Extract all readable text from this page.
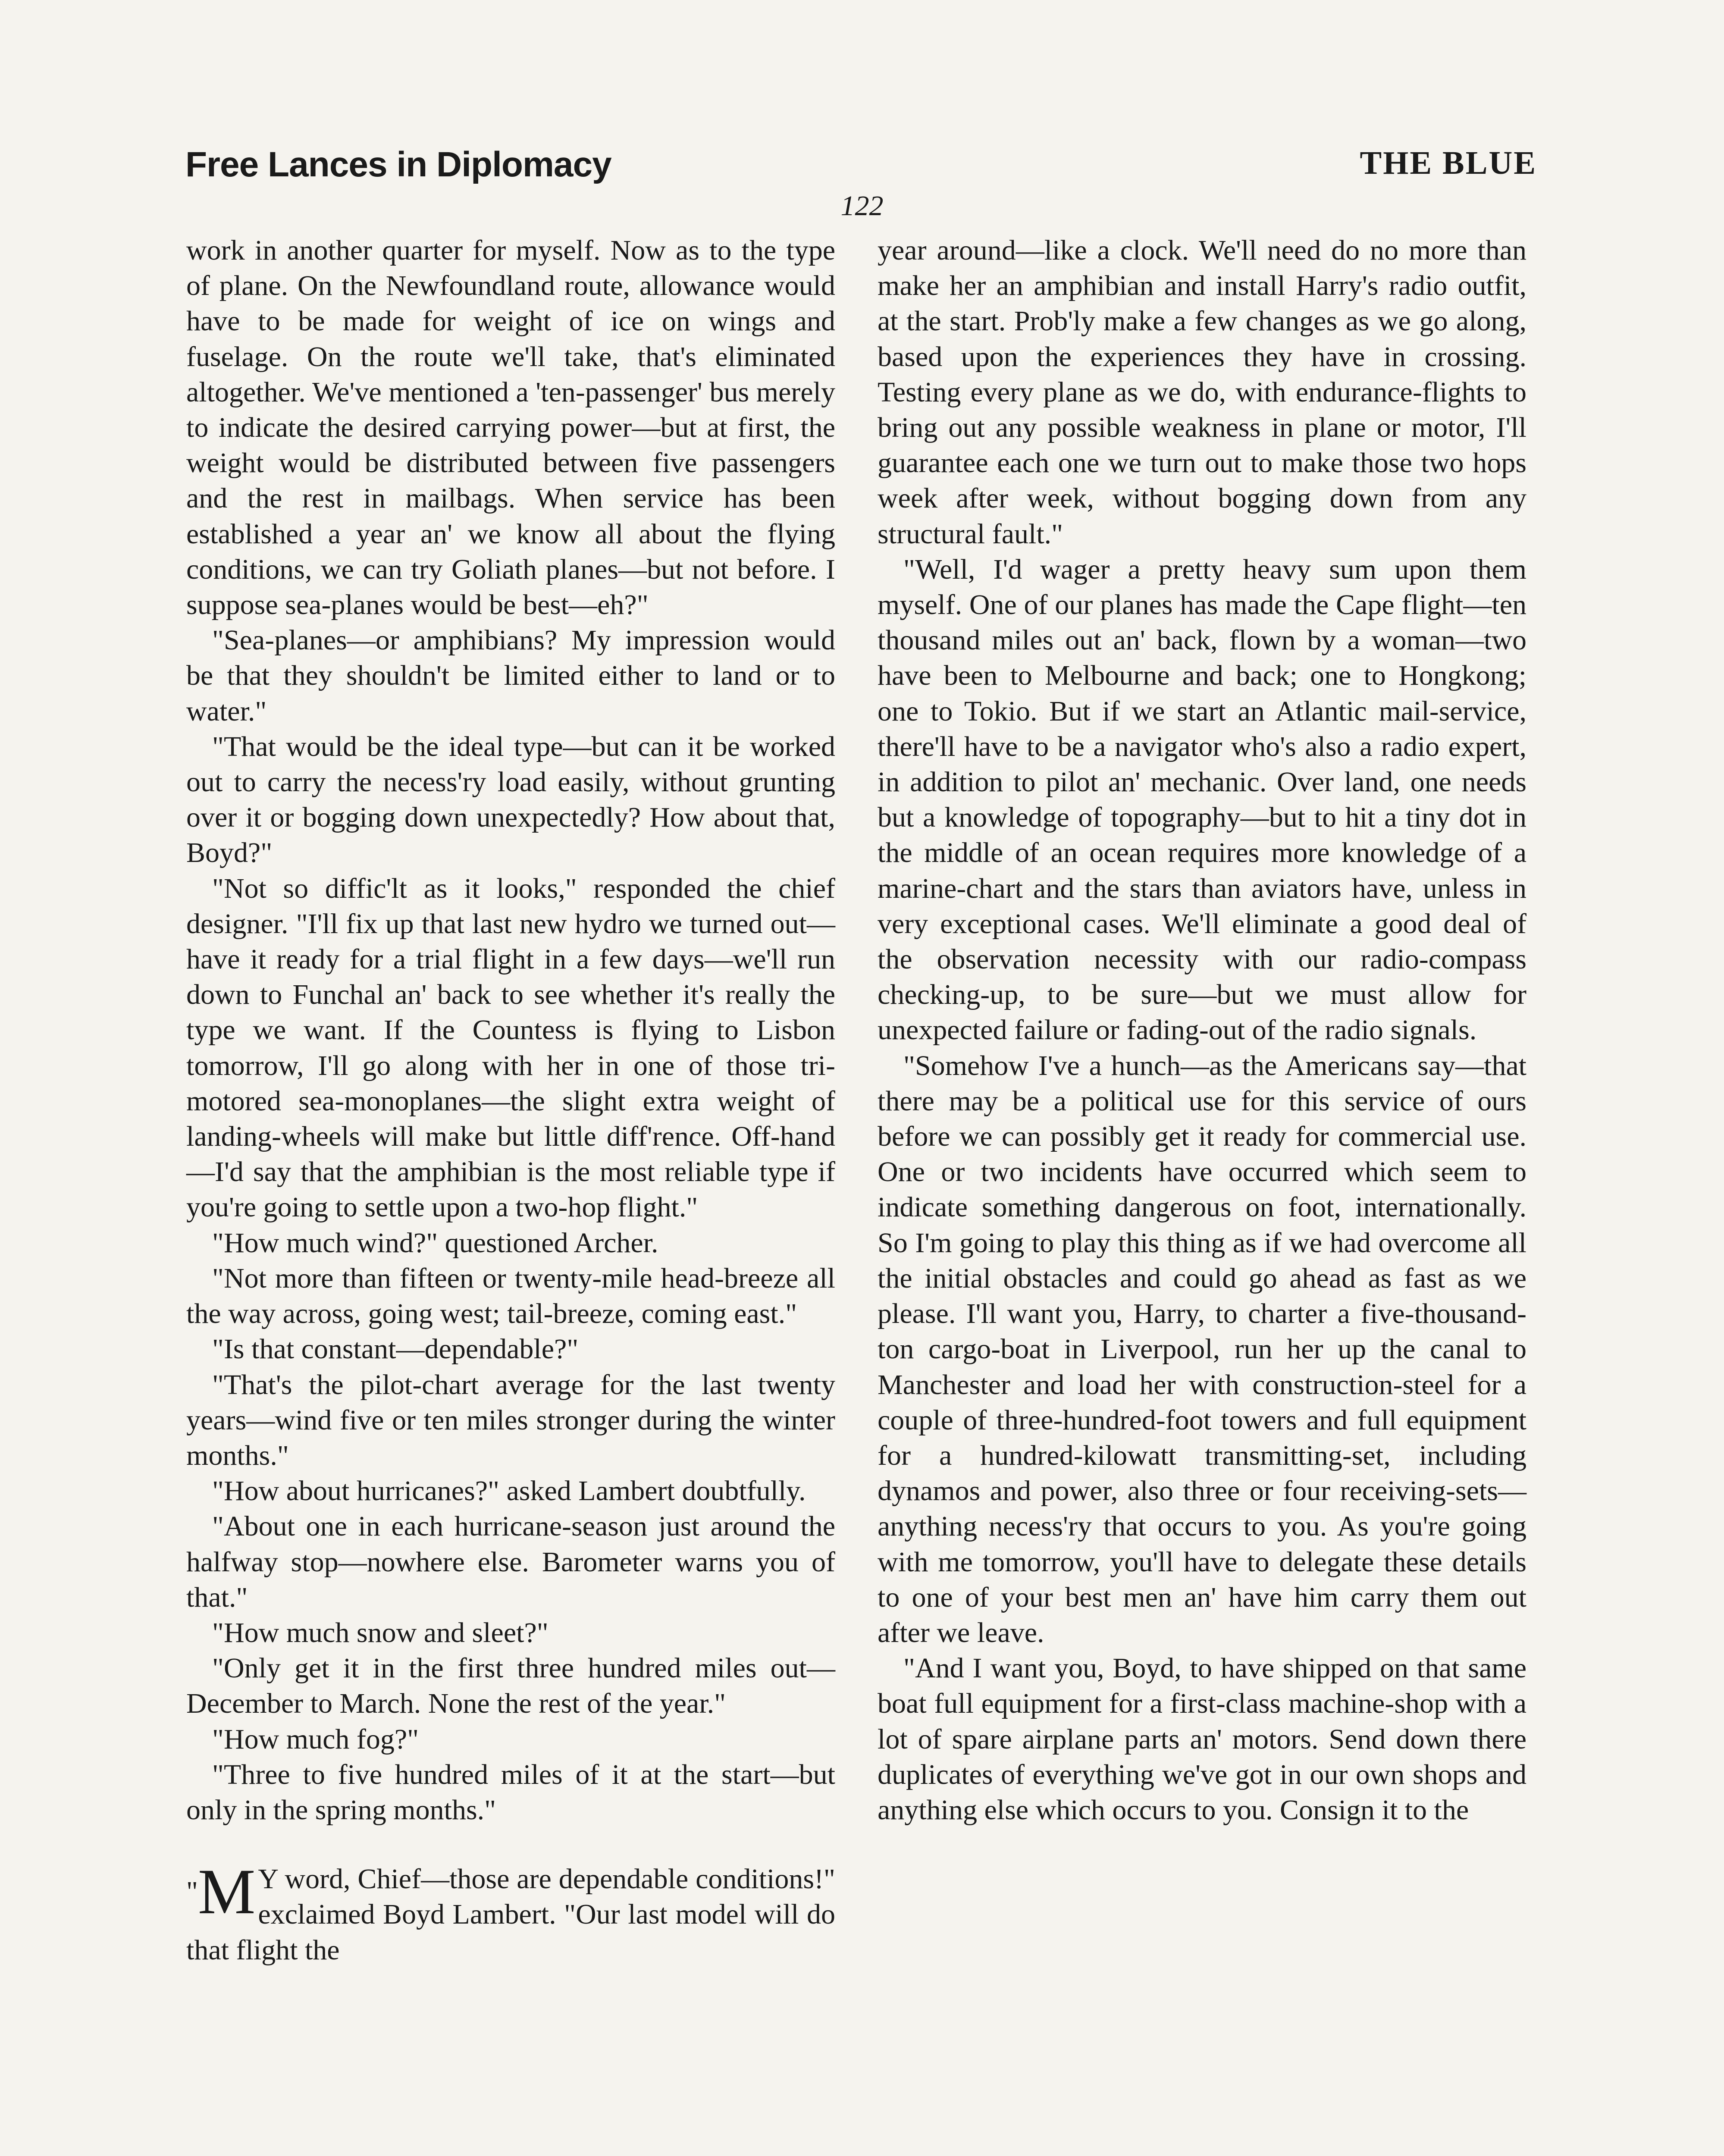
Free Lances in Diplomacy	THE BLUE
122

work in another quarter for myself. Now as to the type of plane. On the Newfoundland route, allowance would have to be made for weight of ice on wings and fuselage. On the route we'll take, that's eliminated altogether. We've mentioned a 'ten-passenger' bus merely to indicate the desired carrying power—but at first, the weight would be distributed between five passengers and the rest in mailbags. When service has been established a year an' we know all about the flying conditions, we can try Goliath planes—but not before. I suppose sea-planes would be best—eh?"

"Sea-planes—or amphibians? My impression would be that they shouldn't be limited either to land or to water."

"That would be the ideal type—but can it be worked out to carry the necess'ry load easily, without grunting over it or bogging down unexpectedly? How about that, Boyd?"

"Not so diffic'lt as it looks," responded the chief designer. "I'll fix up that last new hydro we turned out—have it ready for a trial flight in a few days—we'll run down to Funchal an' back to see whether it's really the type we want. If the Countess is flying to Lisbon tomorrow, I'll go along with her in one of those tri-motored sea-monoplanes—the slight extra weight of landing-wheels will make but little diff'rence. Off-hand—I'd say that the amphibian is the most reliable type if you're going to settle upon a two-hop flight."

"How much wind?" questioned Archer.

"Not more than fifteen or twenty-mile head-breeze all the way across, going west; tail-breeze, coming east."

"Is that constant—dependable?"

"That's the pilot-chart average for the last twenty years—wind five or ten miles stronger during the winter months."

"How about hurricanes?" asked Lambert doubtfully.

"About one in each hurricane-season just around the halfway stop—nowhere else. Barometer warns you of that."

"How much snow and sleet?"

"Only get it in the first three hundred miles out—December to March. None the rest of the year."

"How much fog?"

"Three to five hundred miles of it at the start—but only in the spring months."

"M Y word, Chief—those are dependable conditions!" exclaimed Boyd Lambert. "Our last model will do that flight the

year around—like a clock. We'll need do no more than make her an amphibian and install Harry's radio outfit, at the start. Prob'ly make a few changes as we go along, based upon the experiences they have in crossing. Testing every plane as we do, with endurance-flights to bring out any possible weakness in plane or motor, I'll guarantee each one we turn out to make those two hops week after week, without bogging down from any structural fault."

"Well, I'd wager a pretty heavy sum upon them myself. One of our planes has made the Cape flight—ten thousand miles out an' back, flown by a woman—two have been to Melbourne and back; one to Hongkong; one to Tokio. But if we start an Atlantic mail-service, there'll have to be a navigator who's also a radio expert, in addition to pilot an' mechanic. Over land, one needs but a knowledge of topography—but to hit a tiny dot in the middle of an ocean requires more knowledge of a marine-chart and the stars than aviators have, unless in very exceptional cases. We'll eliminate a good deal of the observation necessity with our radio-compass checking-up, to be sure—but we must allow for unexpected failure or fading-out of the radio signals.

"Somehow I've a hunch—as the Americans say—that there may be a political use for this service of ours before we can possibly get it ready for commercial use. One or two incidents have occurred which seem to indicate something dangerous on foot, internationally. So I'm going to play this thing as if we had overcome all the initial obstacles and could go ahead as fast as we please. I'll want you, Harry, to charter a five-thousand-ton cargo-boat in Liverpool, run her up the canal to Manchester and load her with construction-steel for a couple of three-hundred-foot towers and full equipment for a hundred-kilowatt transmitting-set, including dynamos and power, also three or four receiving-sets—anything necess'ry that occurs to you. As you're going with me tomorrow, you'll have to delegate these details to one of your best men an' have him carry them out after we leave.

"And I want you, Boyd, to have shipped on that same boat full equipment for a first-class machine-shop with a lot of spare airplane parts an' motors. Send down there duplicates of everything we've got in our own shops and anything else which occurs to you. Consign it to the
